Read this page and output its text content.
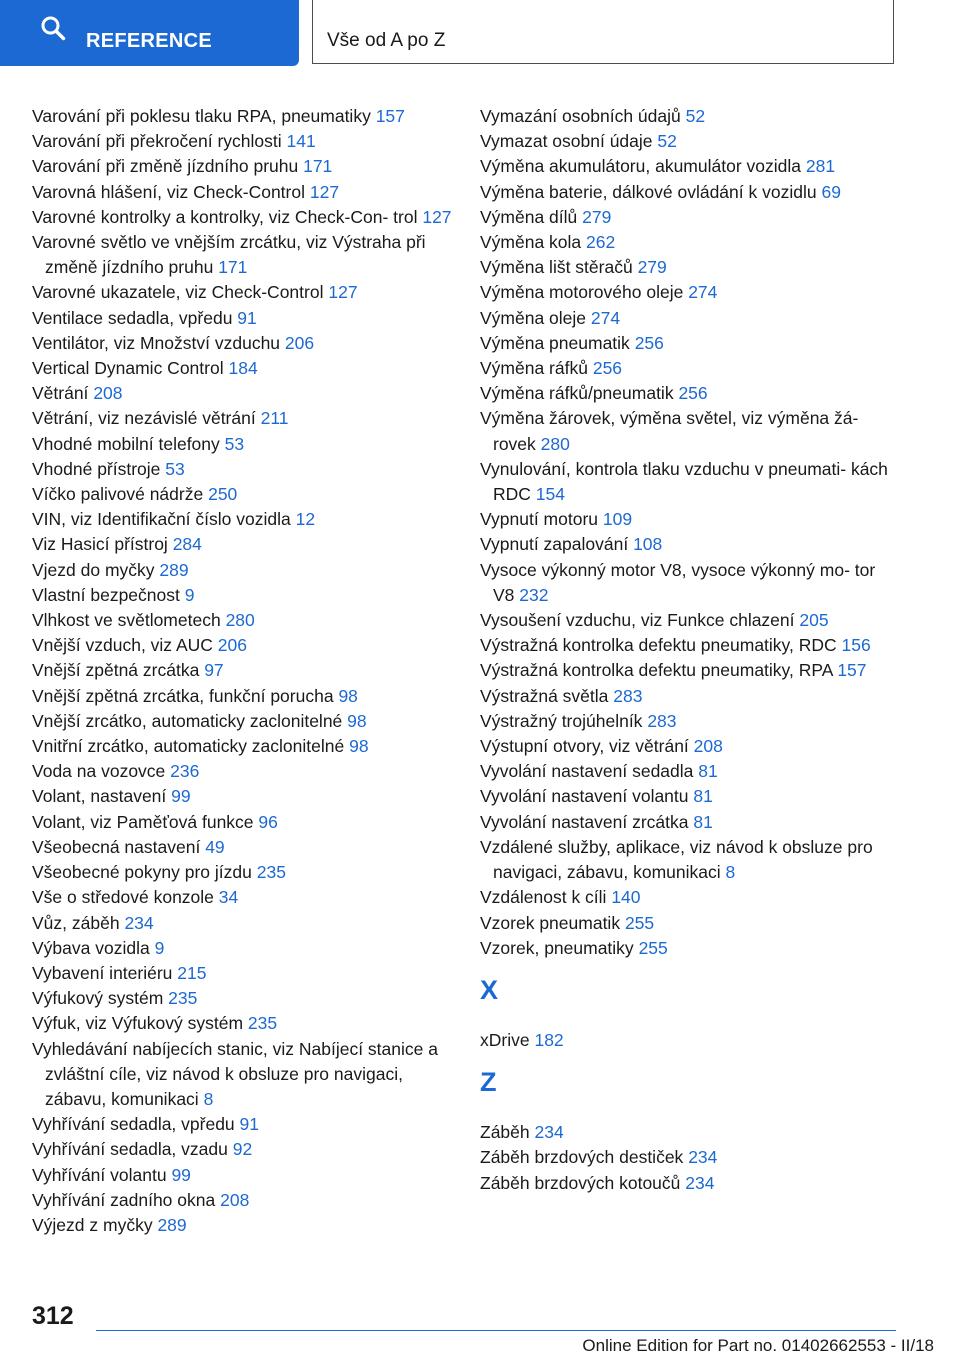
REFERENCE	Vše od A po Z
Varování při poklesu tlaku RPA, pneumatiky 157
Varování při překročení rychlosti 141
Varování při změně jízdního pruhu 171
Varovná hlášení, viz Check-Control 127
Varovné kontrolky a kontrolky, viz Check-Con‐ trol 127
Varovné světlo ve vnějším zrcátku, viz Výstraha při změně jízdního pruhu 171
Varovné ukazatele, viz Check-Control 127
Ventilace sedadla, vpředu 91
Ventilátor, viz Množství vzduchu 206
Vertical Dynamic Control 184
Větrání 208
Větrání, viz nezávislé větrání 211
Vhodné mobilní telefony 53
Vhodné přístroje 53
Víčko palivové nádrže 250
VIN, viz Identifikační číslo vozidla 12
Viz Hasicí přístroj 284
Vjezd do myčky 289
Vlastní bezpečnost 9
Vlhkost ve světlometech 280
Vnější vzduch, viz AUC 206
Vnější zpětná zrcátka 97
Vnější zpětná zrcátka, funkční porucha 98
Vnější zrcátko, automaticky zaclonitelné 98
Vnitřní zrcátko, automaticky zaclonitelné 98
Voda na vozovce 236
Volant, nastavení 99
Volant, viz Paměťová funkce 96
Všeobecná nastavení 49
Všeobecné pokyny pro jízdu 235
Vše o středové konzole 34
Vůz, záběh 234
Výbava vozidla 9
Vybavení interiéru 215
Výfukový systém 235
Výfuk, viz Výfukový systém 235
Vyhledávání nabíjecích stanic, viz Nabíjecí stanice a zvláštní cíle, viz návod k obsluze pro navigaci, zábavu, komunikaci 8
Vyhřívání sedadla, vpředu 91
Vyhřívání sedadla, vzadu 92
Vyhřívání volantu 99
Vyhřívání zadního okna 208
Výjezd z myčky 289
Vymazání osobních údajů 52
Vymazat osobní údaje 52
Výměna akumulátoru, akumulátor vozidla 281
Výměna baterie, dálkové ovládání k vozidlu 69
Výměna dílů 279
Výměna kola 262
Výměna lišt stěračů 279
Výměna motorového oleje 274
Výměna oleje 274
Výměna pneumatik 256
Výměna ráfků 256
Výměna ráfků/pneumatik 256
Výměna žárovek, výměna světel, viz výměna žá‐ rovek 280
Vynulování, kontrola tlaku vzduchu v pneumati‐ kách RDC 154
Vypnutí motoru 109
Vypnutí zapalování 108
Vysoce výkonný motor V8, vysoce výkonný mo‐ tor V8 232
Vysoušení vzduchu, viz Funkce chlazení 205
Výstražná kontrolka defektu pneumatiky, RDC 156
Výstražná kontrolka defektu pneumatiky, RPA 157
Výstražná světla 283
Výstražný trojúhelník 283
Výstupní otvory, viz větrání 208
Vyvolání nastavení sedadla 81
Vyvolání nastavení volantu 81
Vyvolání nastavení zrcátka 81
Vzdálené služby, aplikace, viz návod k obsluze pro navigaci, zábavu, komunikaci 8
Vzdálenost k cíli 140
Vzorek pneumatik 255
Vzorek, pneumatiky 255
X
xDrive 182
Z
Záběh 234
Záběh brzdových destiček 234
Záběh brzdových kotoučů 234
312
Online Edition for Part no. 01402662553 - II/18
